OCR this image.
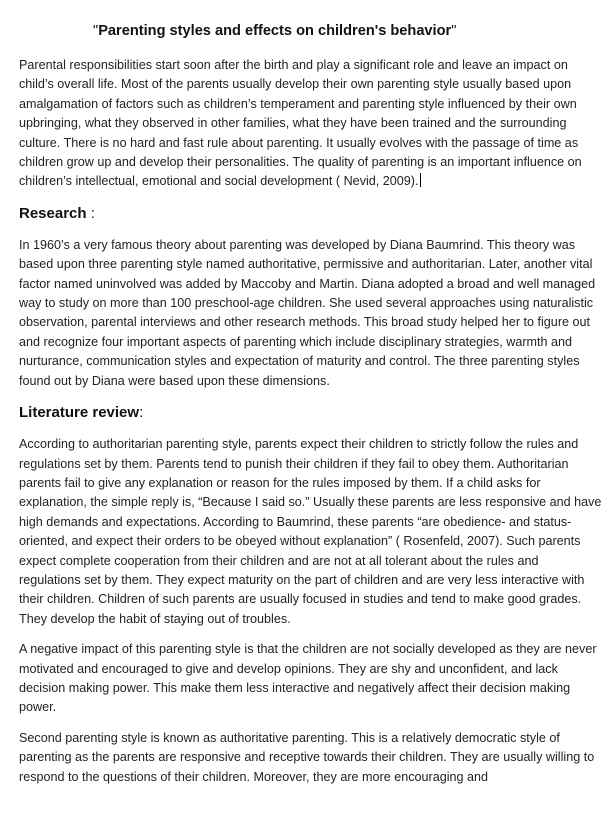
"Parenting styles and effects on children's behavior"

Parental responsibilities start soon after the birth and play a significant role and leave an impact on
child’s overall life. Most of the parents usually develop their own parenting style usually based upon
amalgamation of factors such as children’s temperament and parenting style influenced by their own
upbringing, what they observed in other families, what they have been trained and the surrounding
culture. There is no hard and fast rule about parenting. It usually evolves with the passage of time as
children grow up and develop their personalities. The quality of parenting is an important influence on
children’s intellectual, emotional and social development ( Nevid, 2009).

Research :

In 1960’s a very famous theory about parenting was developed by Diana Baumrind. This theory was
based upon three parenting style named authoritative, permissive and authoritarian. Later, another vital
factor named uninvolved was added by Maccoby and Martin. Diana adopted a broad and well managed
way to study on more than 100 preschool-age children. She used several approaches using naturalistic
observation, parental interviews and other research methods. This broad study helped her to figure out
and recognize four important aspects of parenting which include disciplinary strategies, warmth and
nurturance, communication styles and expectation of maturity and control. The three parenting styles
found out by Diana were based upon these dimensions.

Literature review:

According to authoritarian parenting style, parents expect their children to strictly follow the rules and
regulations set by them. Parents tend to punish their children if they fail to obey them. Authoritarian
parents fail to give any explanation or reason for the rules imposed by them. If a child asks for
explanation, the simple reply is, “Because I said so.” Usually these parents are less responsive and have
high demands and expectations. According to Baumrind, these parents “are obedience- and status-
oriented, and expect their orders to be obeyed without explanation” ( Rosenfeld, 2007). Such parents
expect complete cooperation from their children and are not at all tolerant about the rules and
regulations set by them. They expect maturity on the part of children and are very less interactive with
their children. Children of such parents are usually focused in studies and tend to make good grades.
They develop the habit of staying out of troubles.

A negative impact of this parenting style is that the children are not socially developed as they are never
motivated and encouraged to give and develop opinions. They are shy and unconfident, and lack
decision making power. This make them less interactive and negatively affect their decision making
power.

Second parenting style is known as authoritative parenting. This is a relatively democratic style of
parenting as the parents are responsive and receptive towards their children. They are usually willing to
respond to the questions of their children. Moreover, they are more encouraging and
